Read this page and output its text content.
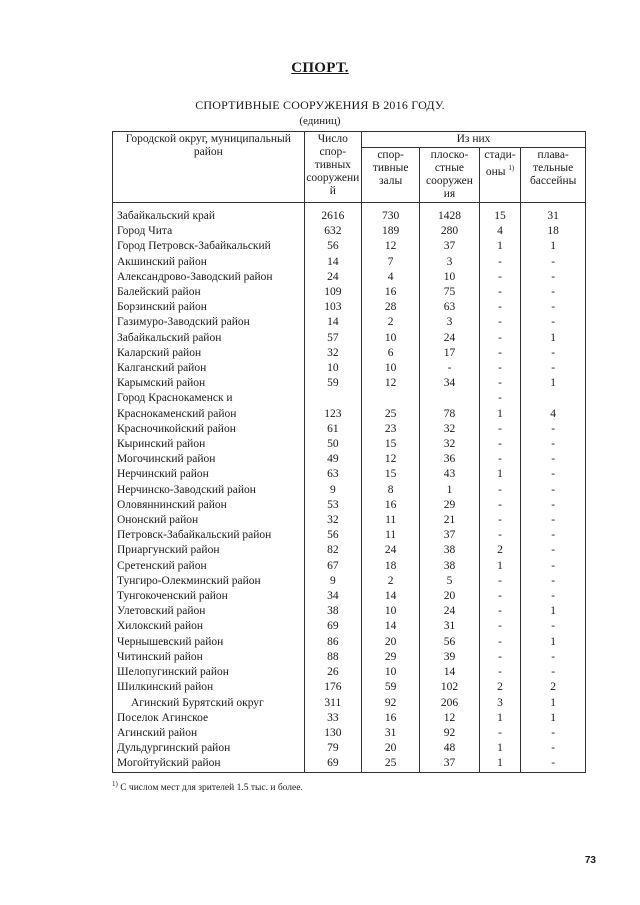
СПОРТ.
СПОРТИВНЫЕ СООРУЖЕНИЯ В 2016 ГОДУ.
(единиц)
Городской округ, муниципальный район	Число спор- тивных сооружени й	Из них			
		спор- тивные залы	плоско- стные сооружен ия	стади- оны $^{1)}$	плава- тельные бассейны
Забайкальский край	2616	730	1428	15	31
Город Чита	632	189	280	4	18
Город Петровск-Забайкальский	56	12	37	1	1
Акшинский район	14	7	3	-	-
Александрово-Заводский район	24	4	10	-	-
Балейский район	109	16	75	-	-
Борзинский район	103	28	63	-	-
Газимуро-Заводский район	14	2	3	-	-
Забайкальский район	57	10	24	-	1
Каларский район	32	6	17	-	-
Калганский район	10	10	-	-	-
Карымский район	59	12	34	-	1
Город Краснокаменск и				-	
Краснокаменский район	123	25	78	1	4
Красночикойский район	61	23	32	-	-
Кыринский район	50	15	32	-	-
Могочинский район	49	12	36	-	-
Нерчинский район	63	15	43	1	-
Нерчинско-Заводский район	9	8	1	-	-
Оловяннинский район	53	16	29	-	-
Ононский район	32	11	21	-	-
Петровск-Забайкальский район	56	11	37	-	-
Приаргунский район	82	24	38	2	-
Сретенский район	67	18	38	1	-
Тунгиро-Олекминский район	9	2	5	-	-
Тунгокоченский район	34	14	20	-	-
Улетовский район	38	10	24	-	1
Хилокский район	69	14	31	-	-
Чернышевский район	86	20	56	-	1
Читинский район	88	29	39	-	-
Шелопугинский район	26	10	14	-	-
Шилкинский район	176	59	102	2	2
Агинский Бурятский округ	311	92	206	3	1
Поселок Агинское	33	16	12	1	1
Агинский район	130	31	92	-	-
Дульдургинский район	79	20	48	1	-
Могойтуйский район	69	25	37	1	-
$^{1)}$ С числом мест для зрителей 1.5 тыс. и более.
73
